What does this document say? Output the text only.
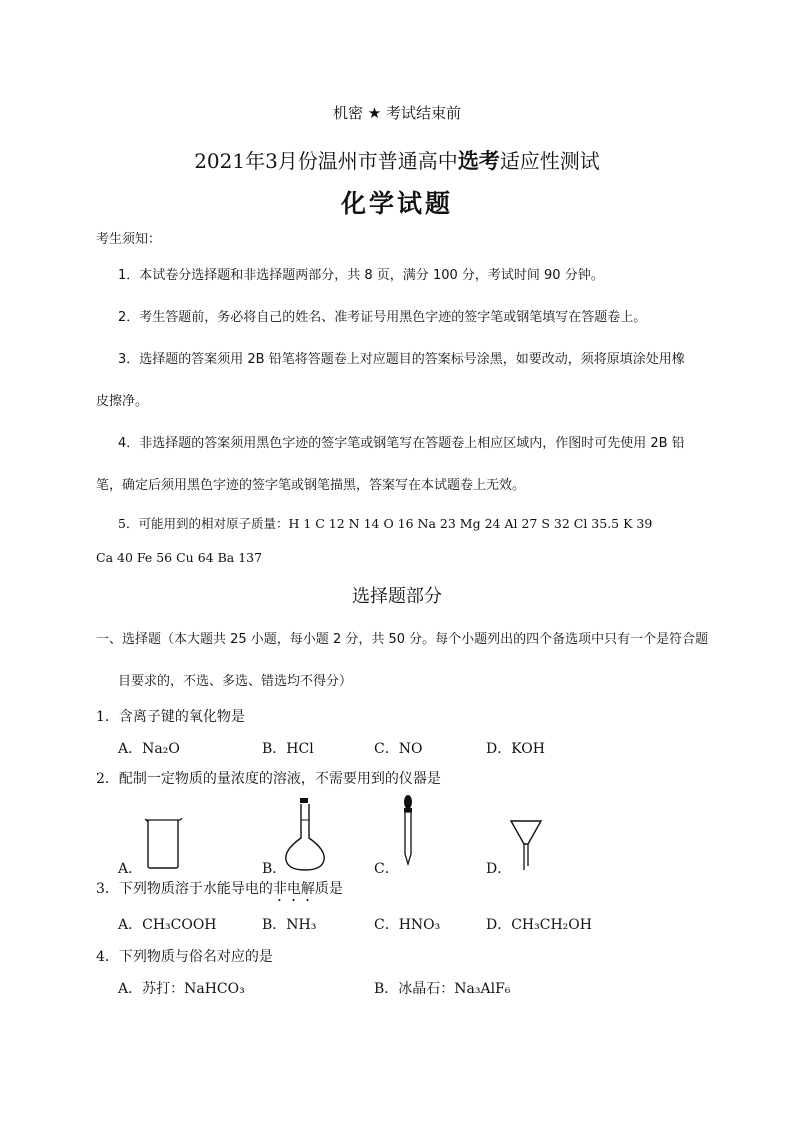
机密 ★ 考试结束前
2021年3月份温州市普通高中选考适应性测试
化学试题
考生须知：
1．本试卷分选择题和非选择题两部分，共 8 页，满分 100 分，考试时间 90 分钟。
2．考生答题前，务必将自己的姓名、准考证号用黑色字迹的签字笔或钢笔填写在答题卷上。
3．选择题的答案须用 2B 铅笔将答题卷上对应题目的答案标号涂黑，如要改动，须将原填涂处用橡
皮擦净。
4．非选择题的答案须用黑色字迹的签字笔或钢笔写在答题卷上相应区域内，作图时可先使用 2B 铅
笔，确定后须用黑色字迹的签字笔或钢笔描黑，答案写在本试题卷上无效。
5．可能用到的相对原子质量：H 1 C 12 N 14 O 16 Na 23 Mg 24 Al 27 S 32 Cl 35.5 K 39
Ca 40 Fe 56 Cu 64 Ba 137
选择题部分
一、选择题（本大题共 25 小题，每小题 2 分，共 50 分。每个小题列出的四个备选项中只有一个是符合题
目要求的，不选、多选、错选均不得分）
1．含离子键的氧化物是
A．Na₂O	B．HCl	C．NO	D．KOH
2．配制一定物质的量浓度的溶液，不需要用到的仪器是
A．	B．	C．	D．
3．下列物质溶于水能导电的非电解质是
A．CH₃COOH	B．NH₃	C．HNO₃	D．CH₃CH₂OH
4．下列物质与俗名对应的是
A．苏打：NaHCO₃	B．冰晶石：Na₃AlF₆
